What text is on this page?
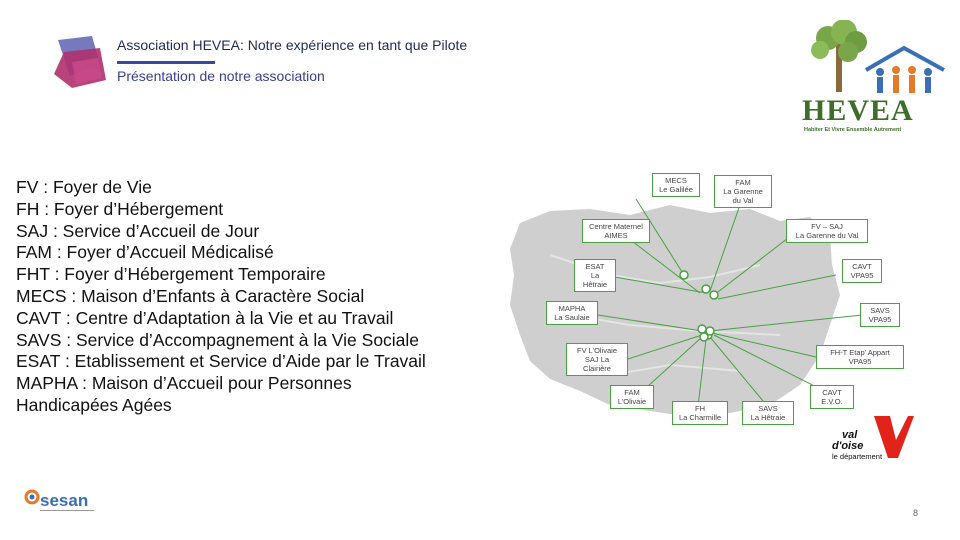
Association HEVEA: Notre expérience en tant que Pilote
Présentation de notre association
HEVEA
Habiter Et Vivre Ensemble Autrement
FV : Foyer de Vie
FH : Foyer d’Hébergement
SAJ : Service d’Accueil de Jour
FAM : Foyer d’Accueil Médicalisé
FHT : Foyer d’Hébergement Temporaire
MECS : Maison d’Enfants à Caractère Social
CAVT : Centre d’Adaptation à la Vie et au Travail
SAVS : Service d’Accompagnement à la Vie Sociale
ESAT : Etablissement et Service d’Aide par le Travail
MAPHA : Maison d’Accueil pour Personnes
Handicapées Agées
MECS
Le Galilée
FAM
La Garenne du Val
Centre Maternel
AIMES
FV – SAJ
La Garenne du Val
ESAT
La Hêtraie
CAVT
VPA95
MAPHA
La Saulaie
SAVS
VPA95
FV L’Olivaie
SAJ La Clairière
FH-T Etap’ Appart
VPA95
FAM
L’Olivaie
FH
La Charmille
SAVS
La Hêtraie
CAVT
E.V.O.
val
d'oise
le département
sesan
8
